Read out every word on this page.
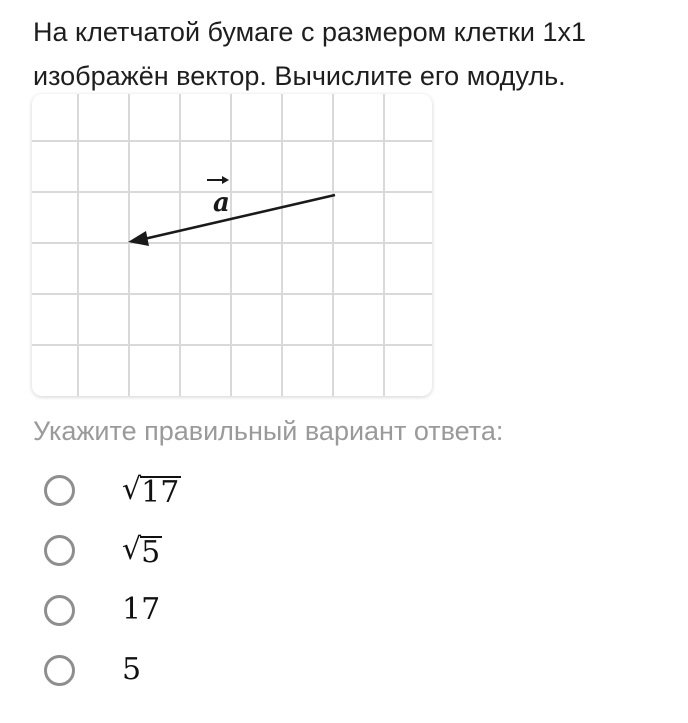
На клетчатой бумаге с размером клетки 1x1
изображён вектор. Вычислите его модуль.
a
Укажите правильный вариант ответа:
√ 17
√ 5
17
5
